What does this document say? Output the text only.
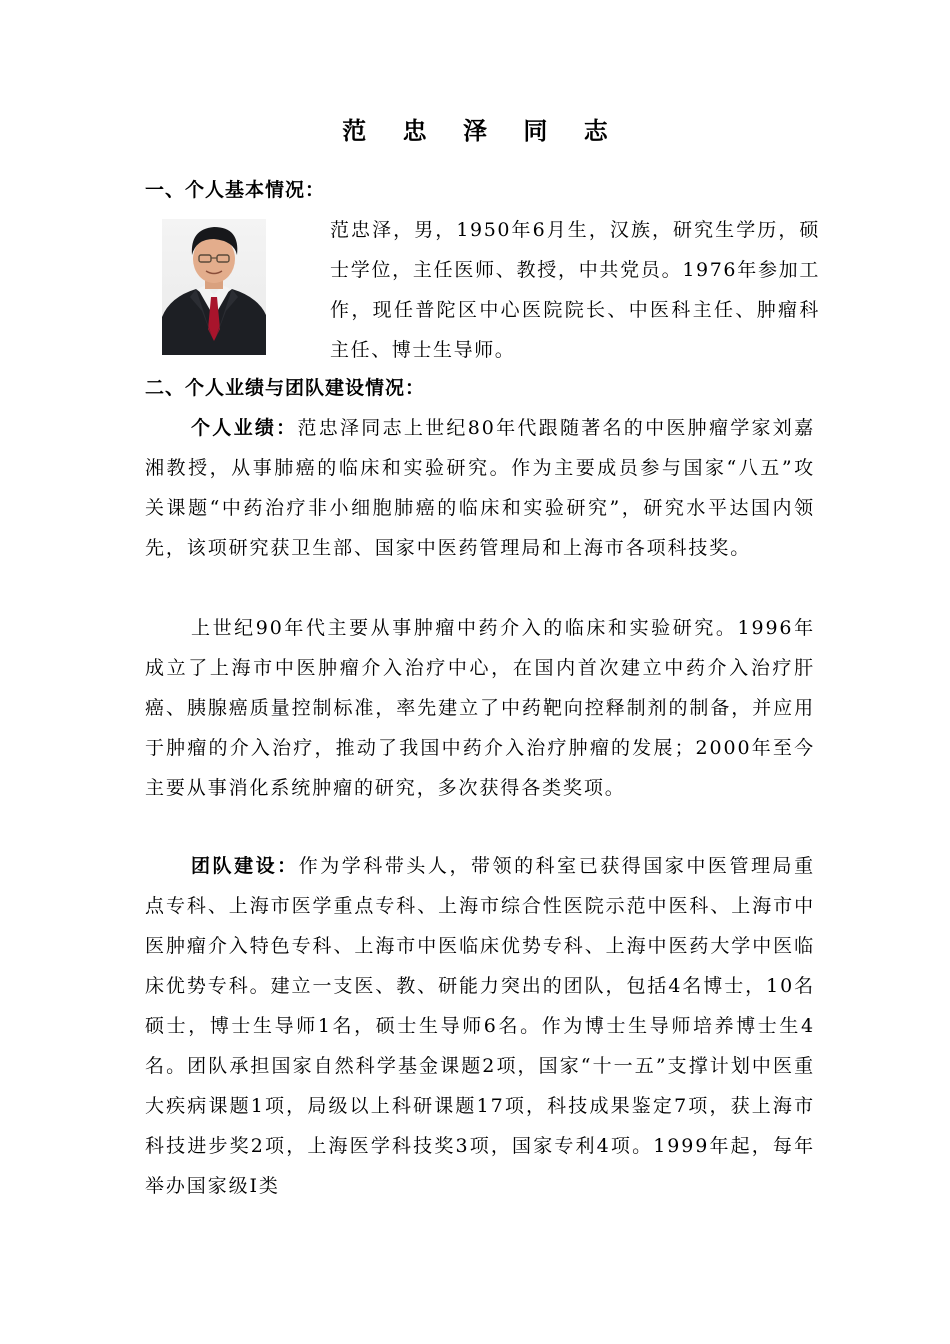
范 忠 泽 同 志
一、个人基本情况：

范忠泽，男，1950年6月生，汉族，研究生学历，硕士学位，主任医师、教授，中共党员。1976年参加工作，现任普陀区中心医院院长、中医科主任、肿瘤科主任、博士生导师。

二、个人业绩与团队建设情况：

个人业绩：范忠泽同志上世纪80年代跟随著名的中医肿瘤学家刘嘉湘教授，从事肺癌的临床和实验研究。作为主要成员参与国家“八五”攻关课题“中药治疗非小细胞肺癌的临床和实验研究”，研究水平达国内领先，该项研究获卫生部、国家中医药管理局和上海市各项科技奖。

上世纪90年代主要从事肿瘤中药介入的临床和实验研究。1996年成立了上海市中医肿瘤介入治疗中心，在国内首次建立中药介入治疗肝癌、胰腺癌质量控制标准，率先建立了中药靶向控释制剂的制备，并应用于肿瘤的介入治疗，推动了我国中药介入治疗肿瘤的发展；2000年至今主要从事消化系统肿瘤的研究，多次获得各类奖项。

团队建设：作为学科带头人，带领的科室已获得国家中医管理局重点专科、上海市医学重点专科、上海市综合性医院示范中医科、上海市中医肿瘤介入特色专科、上海市中医临床优势专科、上海中医药大学中医临床优势专科。建立一支医、教、研能力突出的团队，包括4名博士，10名硕士，博士生导师1名，硕士生导师6名。作为博士生导师培养博士生4名。团队承担国家自然科学基金课题2项，国家“十一五”支撑计划中医重大疾病课题1项，局级以上科研课题17项，科技成果鉴定7项，获上海市科技进步奖2项，上海医学科技奖3项，国家专利4项。1999年起，每年举办国家级Ⅰ类
